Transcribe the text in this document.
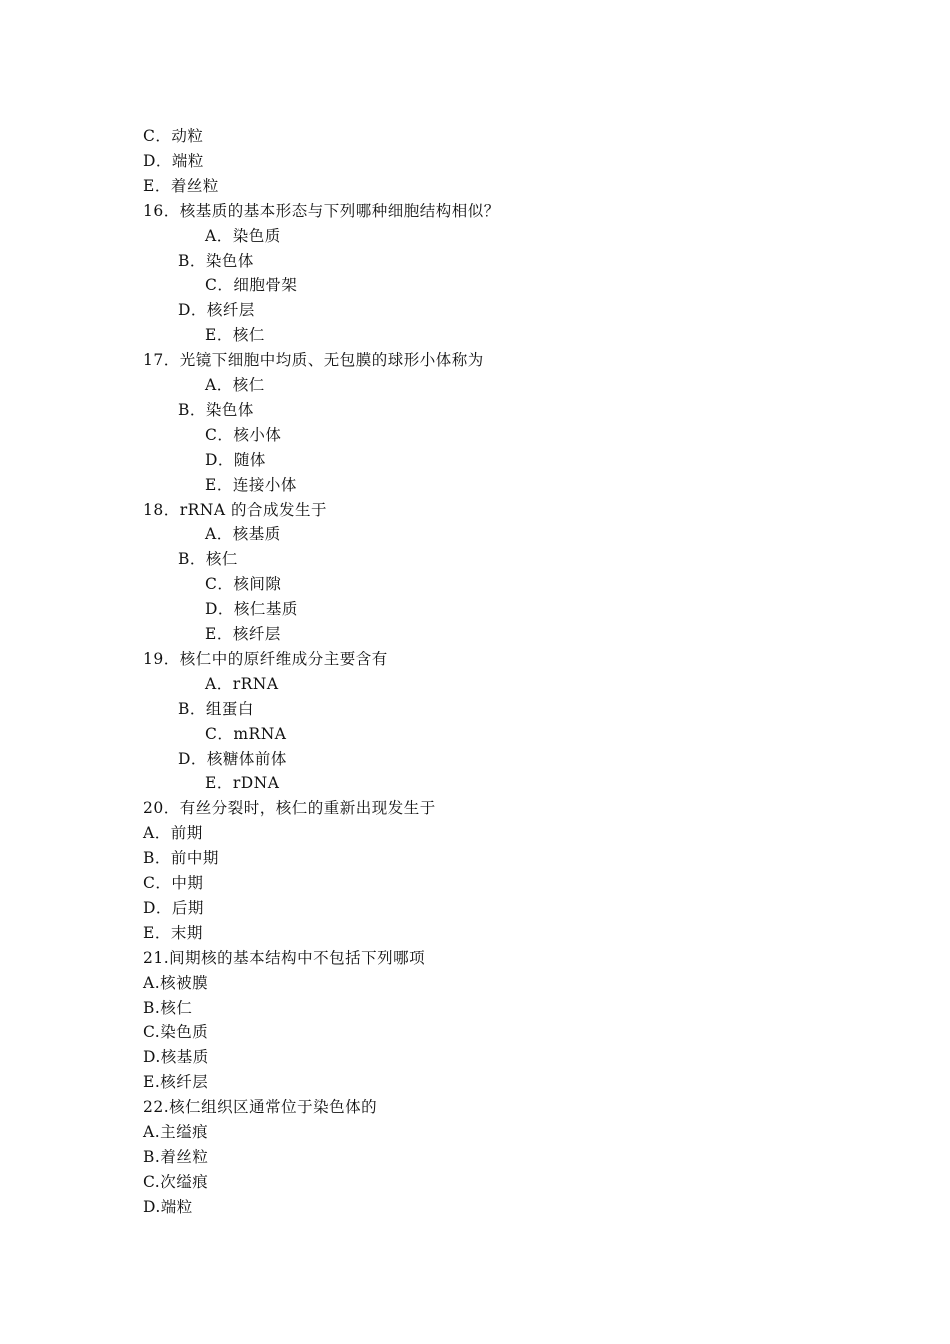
C．动粒
D．端粒
E．着丝粒
16．核基质的基本形态与下列哪种细胞结构相似？
A．染色质
B．染色体
C．细胞骨架
D．核纤层
E．核仁
17．光镜下细胞中均质、无包膜的球形小体称为
A．核仁
B．染色体
C．核小体
D．随体
E．连接小体
18．rRNA 的合成发生于
A．核基质
B．核仁
C．核间隙
D．核仁基质
E．核纤层
19．核仁中的原纤维成分主要含有
A．rRNA
B．组蛋白
C．mRNA
D．核糖体前体
E．rDNA
20．有丝分裂时，核仁的重新出现发生于
A．前期
B．前中期
C．中期
D．后期
E．末期
21.间期核的基本结构中不包括下列哪项
A.核被膜
B.核仁
C.染色质
D.核基质
E.核纤层
22.核仁组织区通常位于染色体的
A.主缢痕
B.着丝粒
C.次缢痕
D.端粒
